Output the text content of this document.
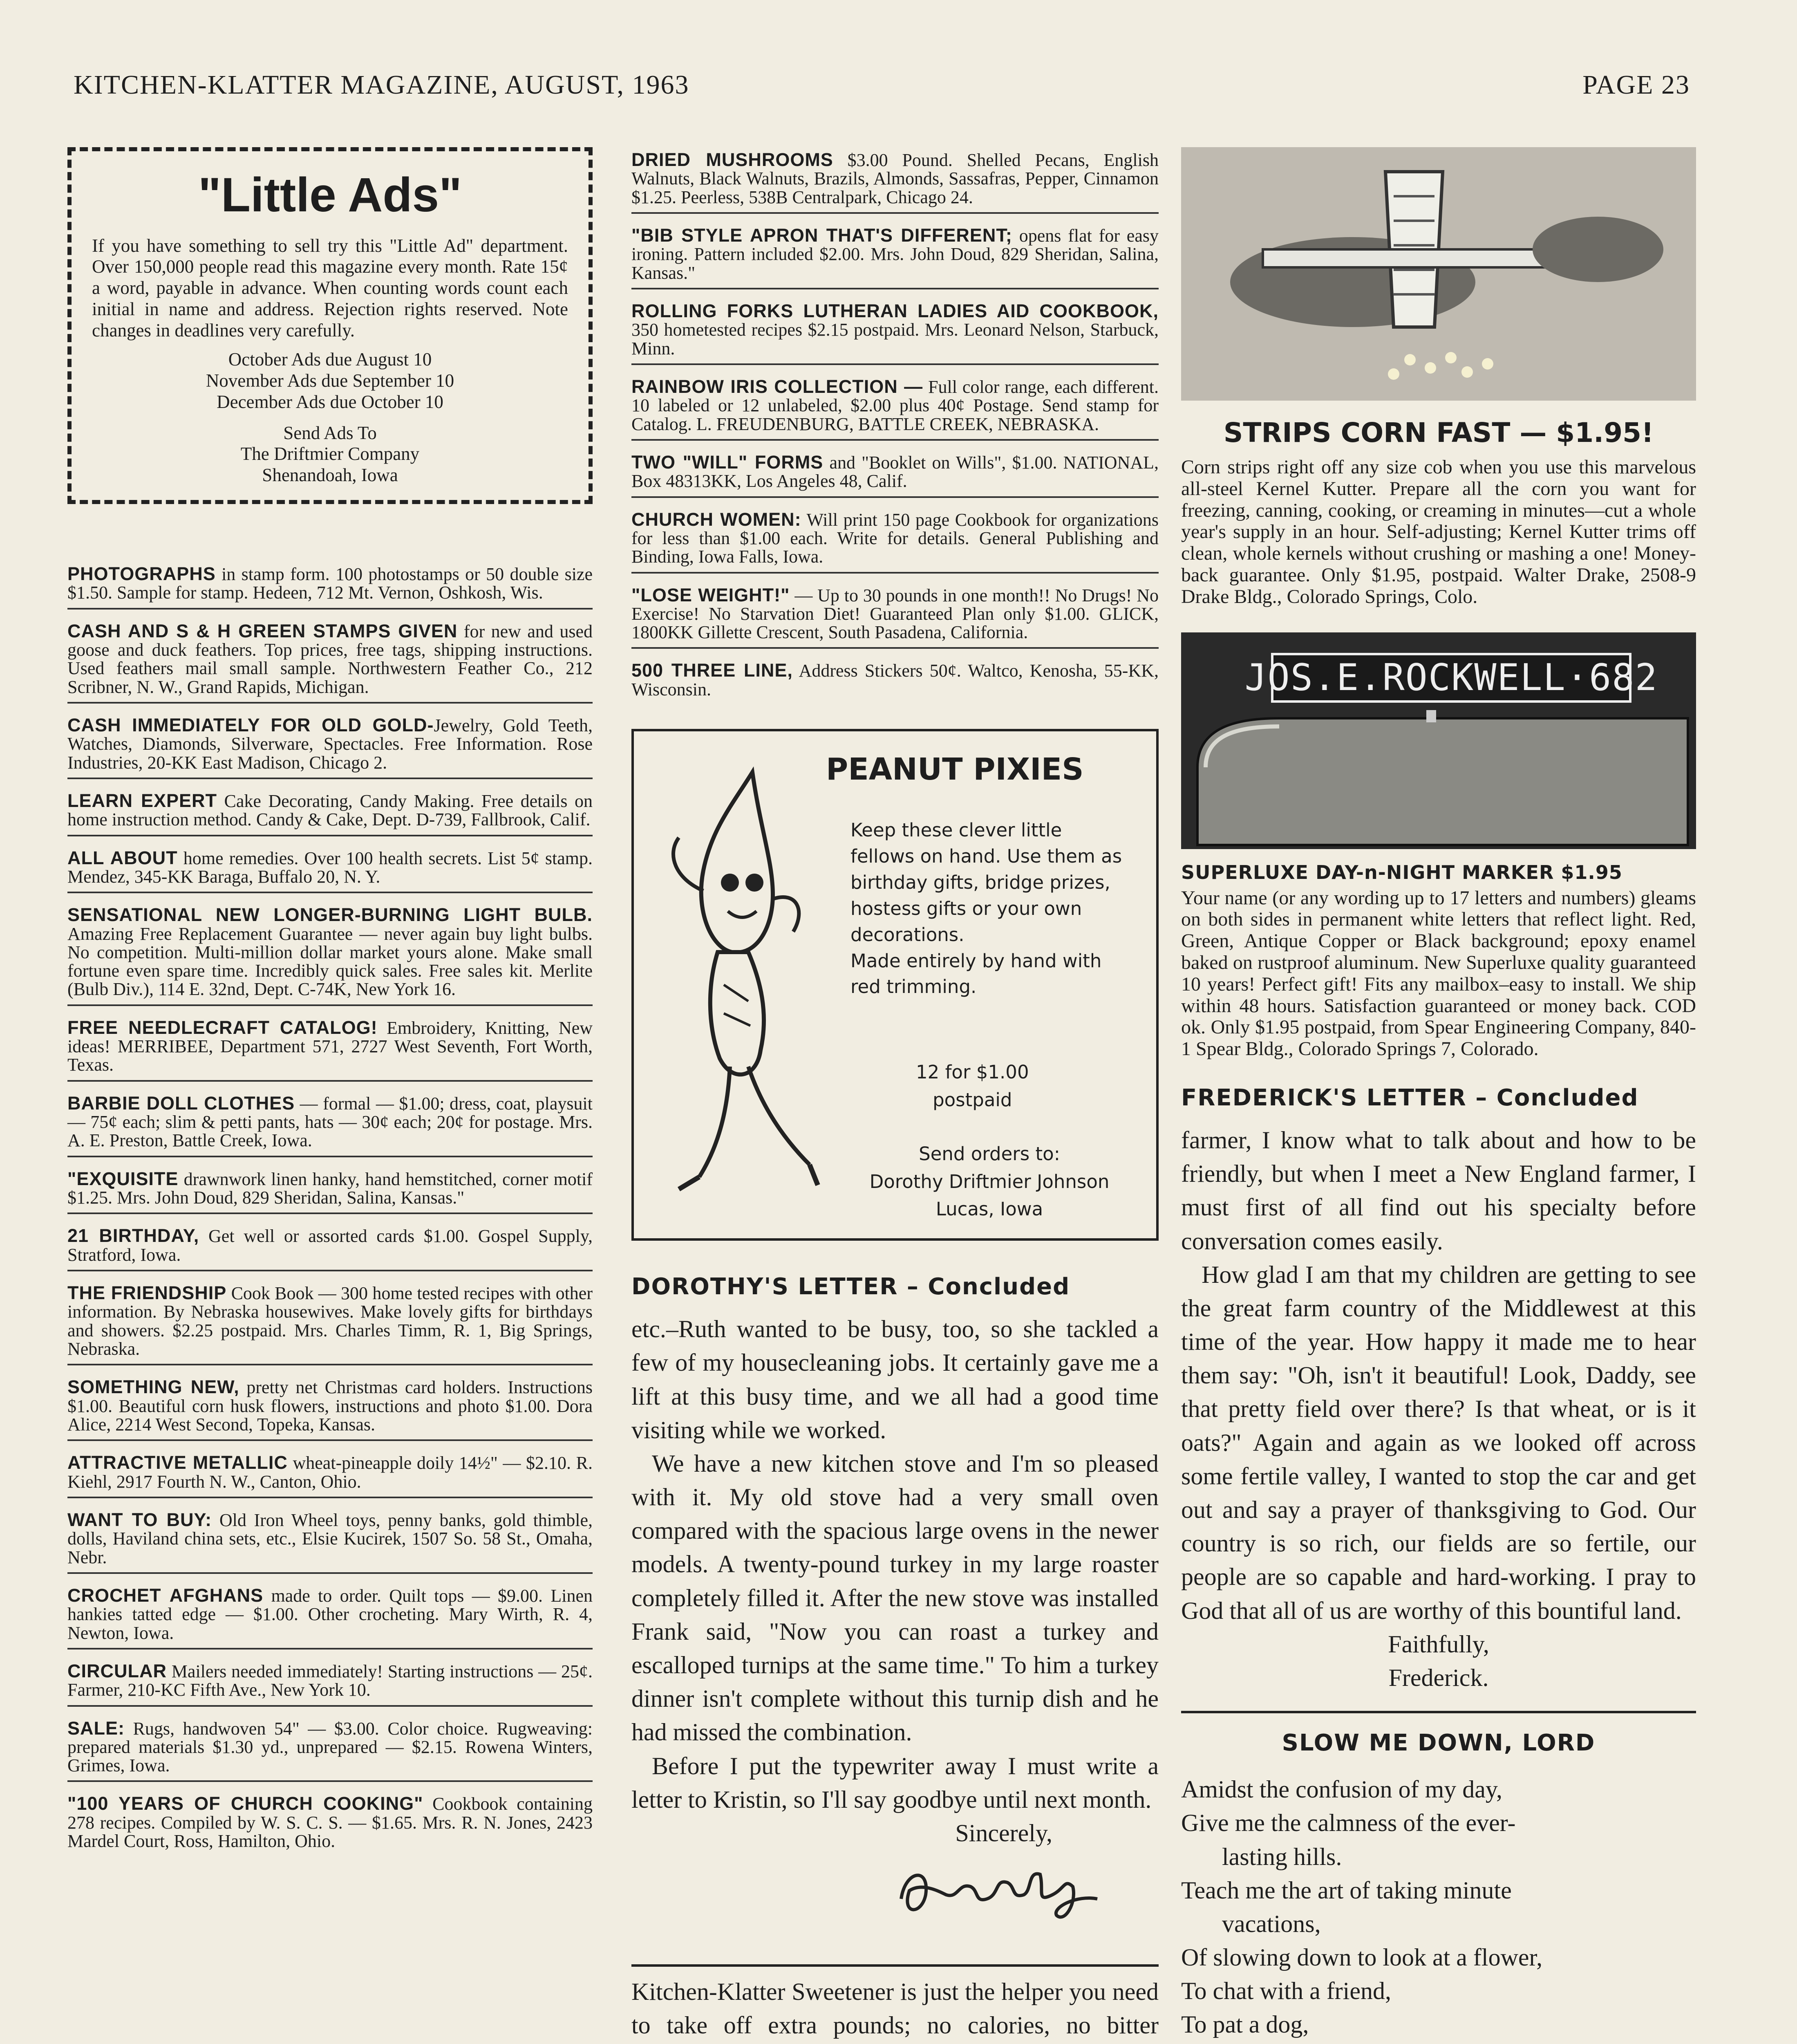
KITCHEN-KLATTER MAGAZINE, AUGUST, 1963	PAGE 23
"Little Ads"

If you have something to sell try this "Little Ad" department. Over 150,000 people read this magazine every month. Rate 15¢ a word, payable in advance. When counting words count each initial in name and address. Rejection rights reserved. Note changes in deadlines very carefully.

October Ads due August 10
November Ads due September 10
December Ads due October 10
Send Ads To
The Driftmier Company
Shenandoah, Iowa
PHOTOGRAPHS in stamp form. 100 photostamps or 50 double size $1.50. Sample for stamp. Hedeen, 712 Mt. Vernon, Oshkosh, Wis.
CASH AND S & H GREEN STAMPS GIVEN for new and used goose and duck feathers. Top prices, free tags, shipping instructions. Used feathers mail small sample. Northwestern Feather Co., 212 Scribner, N. W., Grand Rapids, Michigan.
CASH IMMEDIATELY FOR OLD GOLD-Jewelry, Gold Teeth, Watches, Diamonds, Silverware, Spectacles. Free Information. Rose Industries, 20-KK East Madison, Chicago 2.
LEARN EXPERT Cake Decorating, Candy Making. Free details on home instruction method. Candy & Cake, Dept. D-739, Fallbrook, Calif.
ALL ABOUT home remedies. Over 100 health secrets. List 5¢ stamp. Mendez, 345-KK Baraga, Buffalo 20, N. Y.
SENSATIONAL NEW LONGER-BURNING LIGHT BULB. Amazing Free Replacement Guarantee — never again buy light bulbs. No competition. Multi-million dollar market yours alone. Make small fortune even spare time. Incredibly quick sales. Free sales kit. Merlite (Bulb Div.), 114 E. 32nd, Dept. C-74K, New York 16.
FREE NEEDLECRAFT CATALOG! Embroidery, Knitting, New ideas! MERRIBEE, Department 571, 2727 West Seventh, Fort Worth, Texas.
BARBIE DOLL CLOTHES — formal — $1.00; dress, coat, playsuit — 75¢ each; slim & petti pants, hats — 30¢ each; 20¢ for postage. Mrs. A. E. Preston, Battle Creek, Iowa.
"EXQUISITE drawnwork linen hanky, hand hemstitched, corner motif $1.25. Mrs. John Doud, 829 Sheridan, Salina, Kansas."
21 BIRTHDAY, Get well or assorted cards $1.00. Gospel Supply, Stratford, Iowa.
THE FRIENDSHIP Cook Book — 300 home tested recipes with other information. By Nebraska housewives. Make lovely gifts for birthdays and showers. $2.25 postpaid. Mrs. Charles Timm, R. 1, Big Springs, Nebraska.
SOMETHING NEW, pretty net Christmas card holders. Instructions $1.00. Beautiful corn husk flowers, instructions and photo $1.00. Dora Alice, 2214 West Second, Topeka, Kansas.
ATTRACTIVE METALLIC wheat-pineapple doily 14½" — $2.10. R. Kiehl, 2917 Fourth N. W., Canton, Ohio.
WANT TO BUY: Old Iron Wheel toys, penny banks, gold thimble, dolls, Haviland china sets, etc., Elsie Kucirek, 1507 So. 58 St., Omaha, Nebr.
CROCHET AFGHANS made to order. Quilt tops — $9.00. Linen hankies tatted edge — $1.00. Other crocheting. Mary Wirth, R. 4, Newton, Iowa.
CIRCULAR Mailers needed immediately! Starting instructions — 25¢. Farmer, 210-KC Fifth Ave., New York 10.
SALE: Rugs, handwoven 54" — $3.00. Color choice. Rugweaving: prepared materials $1.30 yd., unprepared — $2.15. Rowena Winters, Grimes, Iowa.
"100 YEARS OF CHURCH COOKING" Cookbook containing 278 recipes. Compiled by W. S. C. S. — $1.65. Mrs. R. N. Jones, 2423 Mardel Court, Ross, Hamilton, Ohio.
DRIED MUSHROOMS $3.00 Pound. Shelled Pecans, English Walnuts, Black Walnuts, Brazils, Almonds, Sassafras, Pepper, Cinnamon $1.25. Peerless, 538B Centralpark, Chicago 24.
"BIB STYLE APRON THAT'S DIFFERENT; opens flat for easy ironing. Pattern included $2.00. Mrs. John Doud, 829 Sheridan, Salina, Kansas."
ROLLING FORKS LUTHERAN LADIES AID COOKBOOK, 350 hometested recipes $2.15 postpaid. Mrs. Leonard Nelson, Starbuck, Minn.
RAINBOW IRIS COLLECTION — Full color range, each different. 10 labeled or 12 unlabeled, $2.00 plus 40¢ Postage. Send stamp for Catalog. L. FREUDENBURG, BATTLE CREEK, NEBRASKA.
TWO "WILL" FORMS and "Booklet on Wills", $1.00. NATIONAL, Box 48313KK, Los Angeles 48, Calif.
CHURCH WOMEN: Will print 150 page Cookbook for organizations for less than $1.00 each. Write for details. General Publishing and Binding, Iowa Falls, Iowa.
"LOSE WEIGHT!" — Up to 30 pounds in one month!! No Drugs! No Exercise! No Starvation Diet! Guaranteed Plan only $1.00. GLICK, 1800KK Gillette Crescent, South Pasadena, California.
500 THREE LINE, Address Stickers 50¢. Waltco, Kenosha, 55-KK, Wisconsin.
PEANUT PIXIES
Keep these clever little fellows on hand. Use them as birthday gifts, bridge prizes, hostess gifts or your own decorations.
Made entirely by hand with red trimming.
12 for $1.00
postpaid
Send orders to:
Dorothy Driftmier Johnson
Lucas, Iowa
DOROTHY'S LETTER – Concluded

etc.–Ruth wanted to be busy, too, so she tackled a few of my housecleaning jobs. It certainly gave me a lift at this busy time, and we all had a good time visiting while we worked.

We have a new kitchen stove and I'm so pleased with it. My old stove had a very small oven compared with the spacious large ovens in the newer models. A twenty-pound turkey in my large roaster completely filled it. After the new stove was installed Frank said, "Now you can roast a turkey and escalloped turnips at the same time." To him a turkey dinner isn't complete without this turnip dish and he had missed the combination.

Before I put the typewriter away I must write a letter to Kristin, so I'll say goodbye until next month.

Sincerely,

Kitchen-Klatter Sweetener is just the helper you need to take off extra pounds; no calories, no bitter

STRIPS CORN FAST — $1.95!

Corn strips right off any size cob when you use this marvelous all-steel Kernel Kutter. Prepare all the corn you want for freezing, canning, cooking, or creaming in minutes—cut a whole year's supply in an hour. Self-adjusting; Kernel Kutter trims off clean, whole kernels without crushing or mashing a one! Money-back guarantee. Only $1.95, postpaid. Walter Drake, 2508-9 Drake Bldg., Colorado Springs, Colo.

JOS.E.ROCKWELL·682
SUPERLUXE DAY-n-NIGHT MARKER $1.95

Your name (or any wording up to 17 letters and numbers) gleams on both sides in permanent white letters that reflect light. Red, Green, Antique Copper or Black background; epoxy enamel baked on rustproof aluminum. New Superluxe quality guaranteed 10 years! Perfect gift! Fits any mailbox–easy to install. We ship within 48 hours. Satisfaction guaranteed or money back. COD ok. Only $1.95 postpaid, from Spear Engineering Company, 840-1 Spear Bldg., Colorado Springs 7, Colorado.

FREDERICK'S LETTER – Concluded

farmer, I know what to talk about and how to be friendly, but when I meet a New England farmer, I must first of all find out his specialty before conversation comes easily.

How glad I am that my children are getting to see the great farm country of the Middlewest at this time of the year. How happy it made me to hear them say: "Oh, isn't it beautiful! Look, Daddy, see that pretty field over there? Is that wheat, or is it oats?" Again and again as we looked off across some fertile valley, I wanted to stop the car and get out and say a prayer of thanksgiving to God. Our country is so rich, our fields are so fertile, our people are so capable and hard-working. I pray to God that all of us are worthy of this bountiful land.

Faithfully,
Frederick.
SLOW ME DOWN, LORD
Amidst the confusion of my day,
Give me the calmness of the ever-
lasting hills.
Teach me the art of taking minute
vacations,
Of slowing down to look at a flower,
To chat with a friend,
To pat a dog,
